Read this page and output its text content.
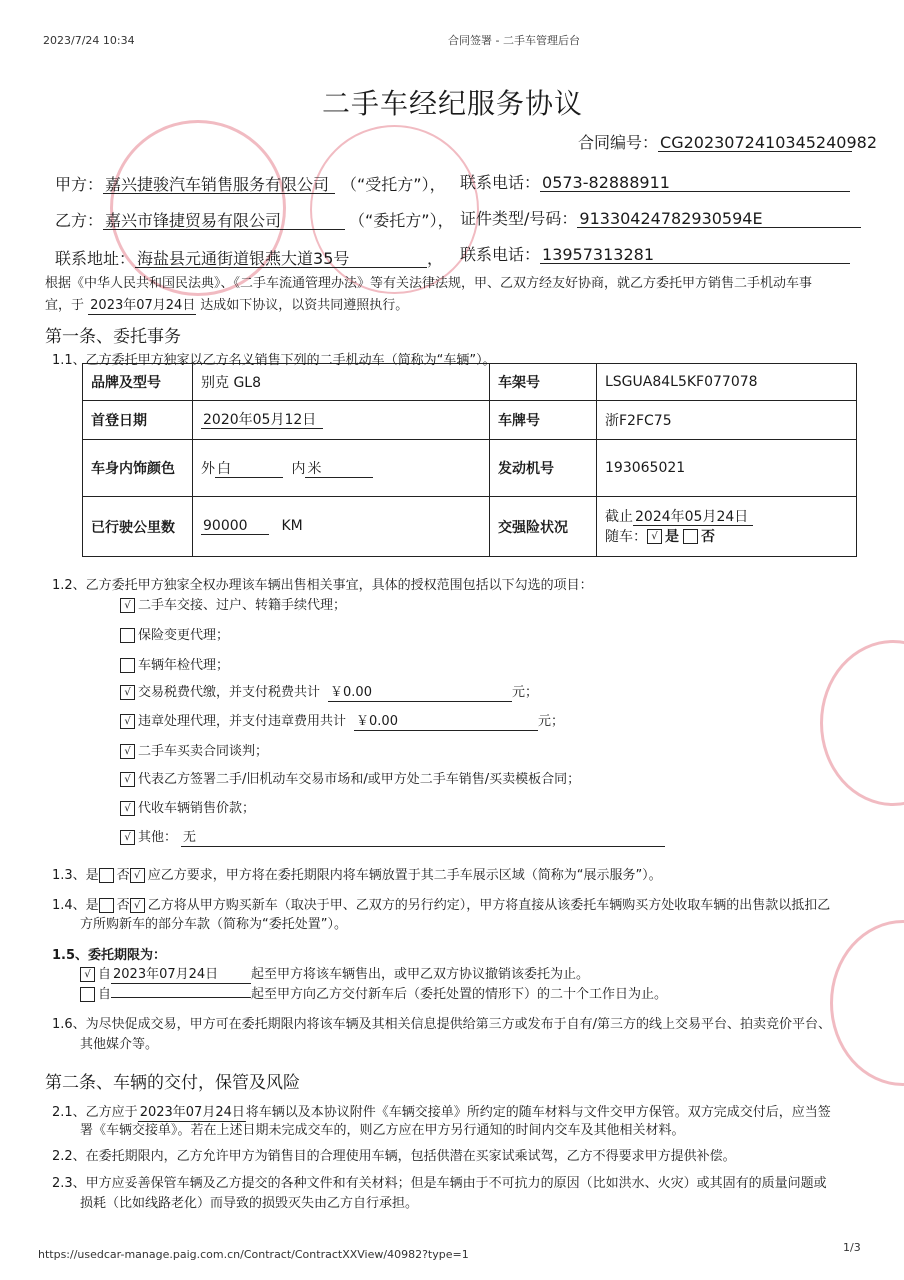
2023/7/24 10:34	合同签署 - 二手车管理后台
二手车经纪服务协议
合同编号： CG2023072410345240982
甲方： 嘉兴捷骏汽车销售服务有限公司 （“受托方”）， 联系电话： 0573-82888911
乙方： 嘉兴市锋捷贸易有限公司	（“委托方”）， 证件类型/号码： 91330424782930594E
联系地址： 海盐县元通街道银燕大道35号	， 联系电话： 13957313281
根据《中华人民共和国民法典》、《二手车流通管理办法》等有关法律法规，甲、乙双方经友好协商，就乙方委托甲方销售二手机动车事
宜，于 2023年07月24日 达成如下协议，以资共同遵照执行。
第一条、委托事务
1.1、乙方委托甲方独家以乙方名义销售下列的二手机动车（简称为“车辆”）。
品牌及型号	别克 GL8	车架号	LSGUA84L5KF077078
首登日期	2020年05月12日	车牌号	浙F2FC75
车身内饰颜色	外 白 内 米	发动机号	193065021
已行驶公里数	90000 KM	交强险状况	截止 2024年05月24日
随车： √ 是 否
1.2、乙方委托甲方独家全权办理该车辆出售相关事宜，具体的授权范围包括以下勾选的项目：
√ 二手车交接、过户、转籍手续代理；
保险变更代理；
车辆年检代理；
√ 交易税费代缴，并支付税费共计 ￥0.00	元；
√ 违章处理代理，并支付违章费用共计 ￥0.00	元；
√ 二手车买卖合同谈判；
√ 代表乙方签署二手/旧机动车交易市场和/或甲方处二手车销售/买卖模板合同；
√ 代收车辆销售价款；
√ 其他： 无
1.3、是 否 √ 应乙方要求，甲方将在委托期限内将车辆放置于其二手车展示区域（简称为“展示服务”）。
1.4、是 否 √ 乙方将从甲方购买新车（取决于甲、乙双方的另行约定），甲方将直接从该委托车辆购买方处收取车辆的出售款以抵扣乙
方所购新车的部分车款（简称为“委托处置”）。
1.5、委托期限为：
√ 自 2023年07月24日	起至甲方将该车辆售出，或甲乙双方协议撤销该委托为止。
自	起至甲方向乙方交付新车后（委托处置的情形下）的二十个工作日为止。
1.6、为尽快促成交易，甲方可在委托期限内将该车辆及其相关信息提供给第三方或发布于自有/第三方的线上交易平台、拍卖竞价平台、
其他媒介等。
第二条、车辆的交付，保管及风险
2.1、乙方应于 2023年07月24日将车辆以及本协议附件《车辆交接单》所约定的随车材料与文件交甲方保管。双方完成交付后，应当签
署《车辆交接单》。若在上述日期未完成交车的，则乙方应在甲方另行通知的时间内交车及其他相关材料。
2.2、在委托期限内，乙方允许甲方为销售目的合理使用车辆，包括供潜在买家试乘试驾，乙方不得要求甲方提供补偿。
2.3、甲方应妥善保管车辆及乙方提交的各种文件和有关材料；但是车辆由于不可抗力的原因（比如洪水、火灾）或其固有的质量问题或
损耗（比如线路老化）而导致的损毁灭失由乙方自行承担。
https://usedcar-manage.paig.com.cn/Contract/ContractXXView/40982?type=1
1/3
